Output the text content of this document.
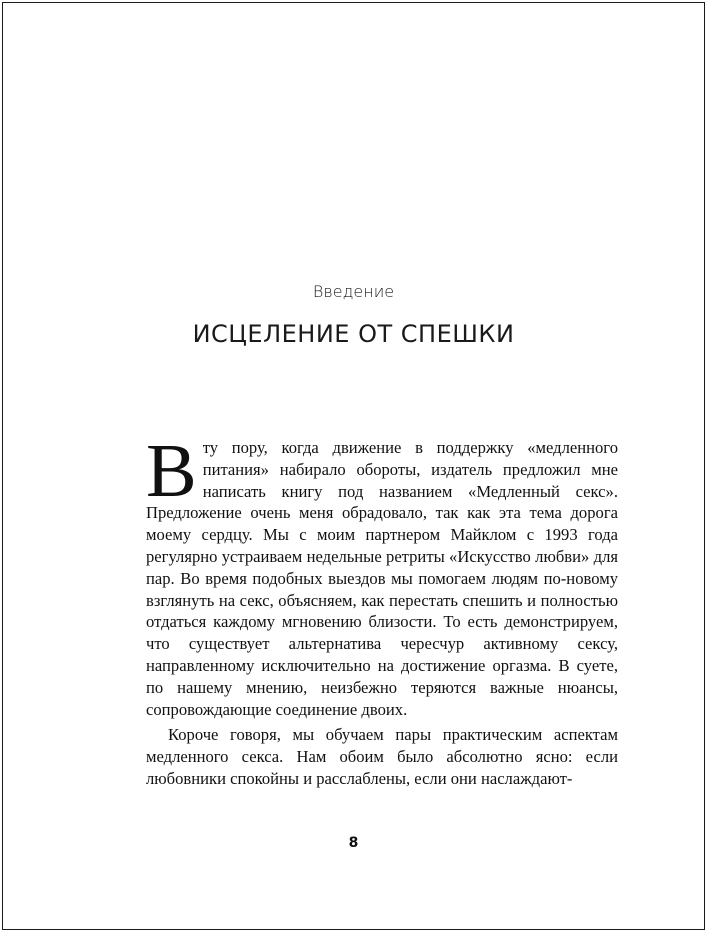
Введение
ИСЦЕЛЕНИЕ ОТ СПЕШКИ

В ту пору, когда движение в поддержку «медленного питания» набирало обороты, издатель предложил мне написать книгу под названием «Медленный секс». Предложение очень меня обрадовало, так как эта тема дорога моему сердцу. Мы с моим партнером Майклом с 1993 года регулярно устраиваем недельные ретриты «Искусство любви» для пар. Во время подобных выездов мы помогаем людям по-новому взглянуть на секс, объясняем, как перестать спешить и полностью отдаться каждому мгновению близости. То есть демонстрируем, что существует альтернатива чересчур активному сексу, направленному исключительно на достижение оргазма. В суете, по нашему мнению, неизбежно теряются важные нюансы, сопровождающие соединение двоих.

Короче говоря, мы обучаем пары практическим аспектам медленного секса. Нам обоим было абсолютно ясно: если любовники спокойны и расслаблены, если они наслаждают-

8
